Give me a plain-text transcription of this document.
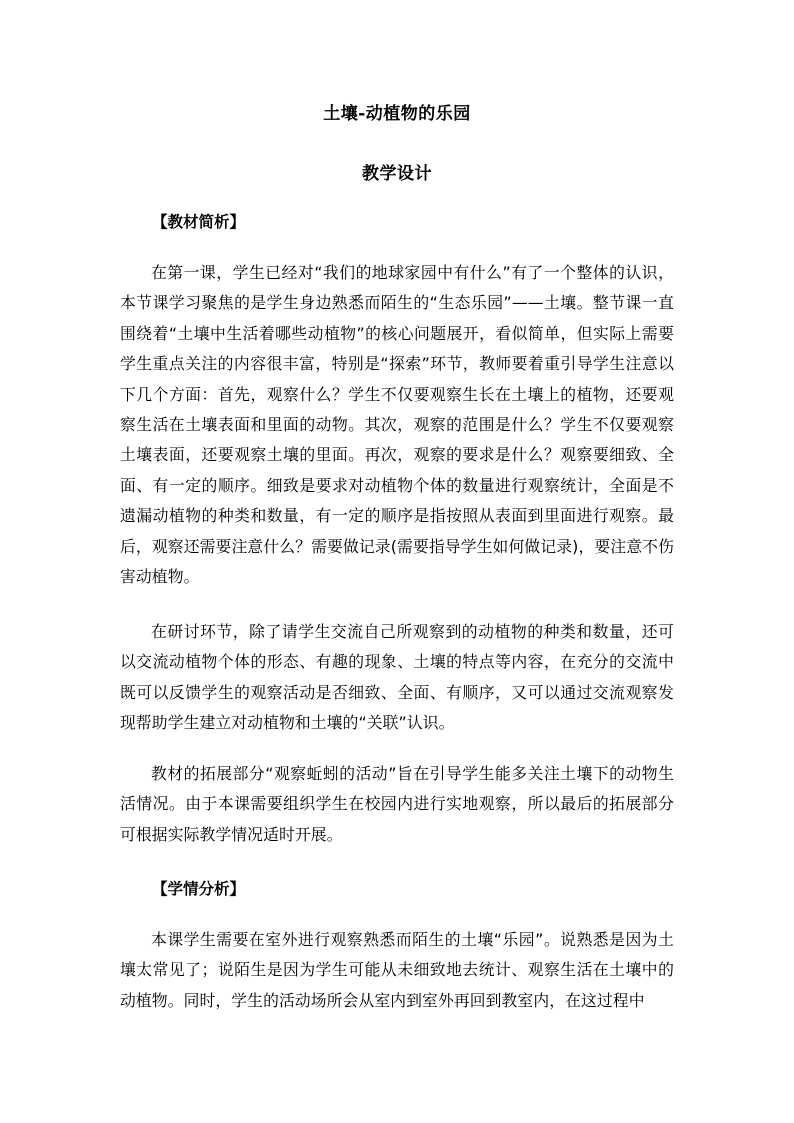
土壤-动植物的乐园
教学设计
【教材简析】

在第一课，学生已经对“我们的地球家园中有什么”有了一个整体的认识，本节课学习聚焦的是学生身边熟悉而陌生的“生态乐园”——土壤。整节课一直围绕着“土壤中生活着哪些动植物”的核心问题展开，看似简单，但实际上需要学生重点关注的内容很丰富，特别是“探索”环节，教师要着重引导学生注意以下几个方面：首先，观察什么？学生不仅要观察生长在土壤上的植物，还要观察生活在土壤表面和里面的动物。其次，观察的范围是什么？学生不仅要观察土壤表面，还要观察土壤的里面。再次，观察的要求是什么？观察要细致、全面、有一定的顺序。细致是要求对动植物个体的数量进行观察统计，全面是不遗漏动植物的种类和数量，有一定的顺序是指按照从表面到里面进行观察。最后，观察还需要注意什么？需要做记录(需要指导学生如何做记录)，要注意不伤害动植物。

在研讨环节，除了请学生交流自己所观察到的动植物的种类和数量，还可以交流动植物个体的形态、有趣的现象、土壤的特点等内容，在充分的交流中既可以反馈学生的观察活动是否细致、全面、有顺序，又可以通过交流观察发现帮助学生建立对动植物和土壤的“关联”认识。

教材的拓展部分“观察蚯蚓的活动”旨在引导学生能多关注土壤下的动物生活情况。由于本课需要组织学生在校园内进行实地观察，所以最后的拓展部分可根据实际教学情况适时开展。

【学情分析】

本课学生需要在室外进行观察熟悉而陌生的土壤“乐园”。说熟悉是因为土壤太常见了；说陌生是因为学生可能从未细致地去统计、观察生活在土壤中的动植物。同时，学生的活动场所会从室内到室外再回到教室内，在这过程中
